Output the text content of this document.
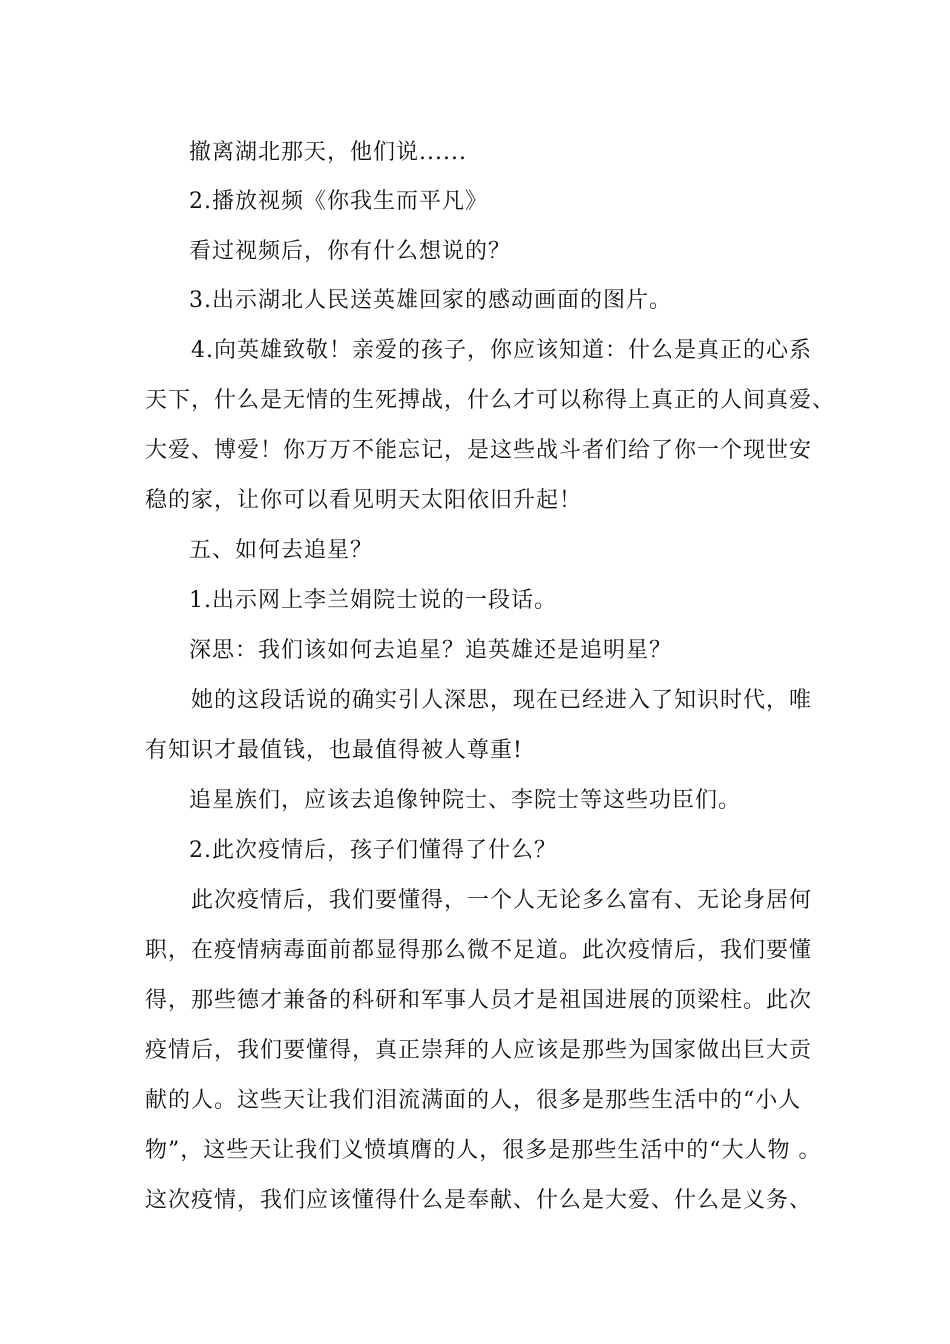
撤离湖北那天，他们说......
2.播放视频《你我生而平凡》
看过视频后，你有什么想说的？
3.出示湖北人民送英雄回家的感动画面的图片。
4.向英雄致敬！亲爱的孩子，你应该知道：什么是真正的心系
天下，什么是无情的生死搏战，什么才可以称得上真正的人间真爱、
大爱、博爱！你万万不能忘记，是这些战斗者们给了你一个现世安
稳的家，让你可以看见明天太阳依旧升起！
五、如何去追星？
1.出示网上李兰娟院士说的一段话。
深思：我们该如何去追星？追英雄还是追明星？
她的这段话说的确实引人深思，现在已经进入了知识时代，唯
有知识才最值钱，也最值得被人尊重!
追星族们，应该去追像钟院士、李院士等这些功臣们。
2.此次疫情后，孩子们懂得了什么？
此次疫情后，我们要懂得，一个人无论多么富有、无论身居何
职，在疫情病毒面前都显得那么微不足道。此次疫情后，我们要懂
得，那些德才兼备的科研和军事人员才是祖国进展的顶梁柱。此次
疫情后，我们要懂得，真正崇拜的人应该是那些为国家做出巨大贡
献的人。这些天让我们泪流满面的人，很多是那些生活中的“小人
物”，这些天让我们义愤填膺的人，很多是那些生活中的“大人物 。
这次疫情，我们应该懂得什么是奉献、什么是大爱、什么是义务、
